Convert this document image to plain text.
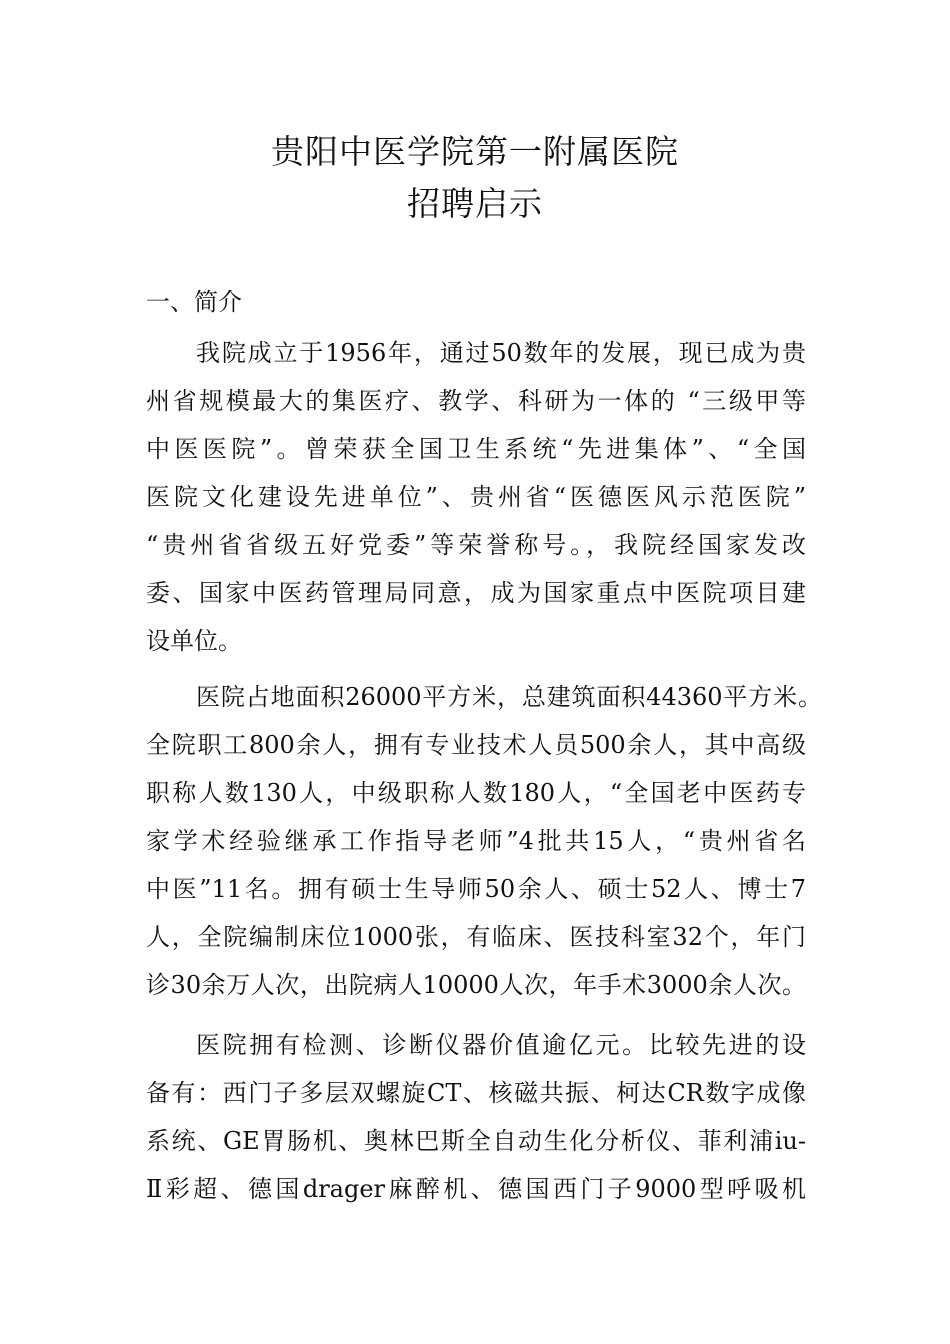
贵阳中医学院第一附属医院
招聘启示
一、简介
我院成立于1956年，通过50数年的发展，现已成为贵
州省规模最大的集医疗、教学、科研为一体的 “三级甲等
中医医院”。曾荣获全国卫生系统“先进集体”、“全国
医院文化建设先进单位”、贵州省“医德医风示范医院”
“贵州省省级五好党委”等荣誉称号。，我院经国家发改
委、国家中医药管理局同意，成为国家重点中医院项目建
设单位。
医院占地面积26000平方米，总建筑面积44360平方米。
全院职工800余人，拥有专业技术人员500余人，其中高级
职称人数130人，中级职称人数180人，“全国老中医药专
家学术经验继承工作指导老师”4批共15人，“贵州省名
中医”11名。拥有硕士生导师50余人、硕士52人、博士7
人，全院编制床位1000张，有临床、医技科室32个，年门
诊30余万人次，出院病人10000人次，年手术3000余人次。
医院拥有检测、诊断仪器价值逾亿元。比较先进的设
备有：西门子多层双螺旋CT、核磁共振、柯达CR数字成像
系统、GE胃肠机、奥林巴斯全自动生化分析仪、菲利浦iu-
Ⅱ彩超、德国drager麻醉机、德国西门子9000型呼吸机
